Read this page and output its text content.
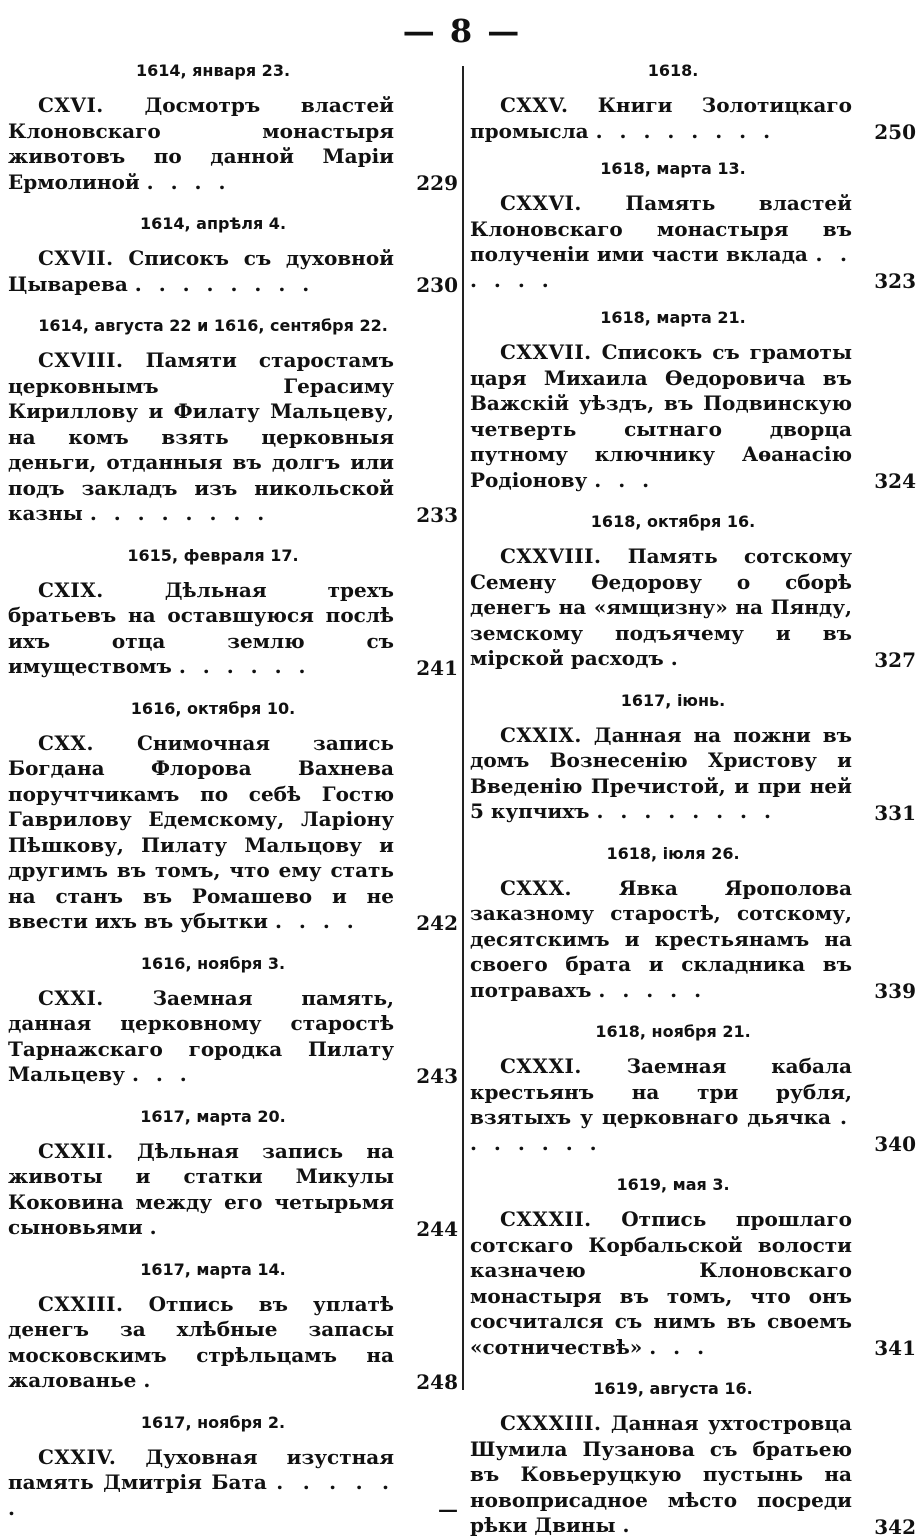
— 8 —

1614, января 23.

CXVI. Досмотръ властей Клоновскаго монастыря животовъ по данной Марiи Ермолиной . . . .	229

1614, апрѣля 4.

CXVII. Списокъ съ духовной Цыварева . . . . . . . .	230

1614, августа 22 и 1616, сентября 22.

CXVIII. Памяти старостамъ церковнымъ Герасиму Кириллову и Филату Мальцеву, на комъ взять церковныя деньги, отданныя въ долгъ или подъ закладъ изъ никольской казны . . . . . . . .	233

1615, февраля 17.

CXIX.	Дѣльная трехъ братьевъ на оставшуюся послѣ ихъ отца землю съ имуществомъ . . . . . .	241

1616, октября 10.

CXX. Снимочная запись Богдана Флорова Вахнева поручтчикамъ по себѣ Гостю Гаврилову Едемскому, Ларiону Пѣшкову, Пилату Мальцову и другимъ въ томъ, что ему стать на станъ въ Ромашево и не ввести ихъ въ убытки . . . .	242

1616, ноября 3.

CXXI. Заемная память, данная церковному старостѣ Тарнажскаго городка Пилату Мальцеву . . .	243

1617, марта 20.

CXXII. Дѣльная запись на животы и статки Микулы Коковина между его четырьмя сыновьями .	244

1617, марта 14.

CXXIII. Отпись въ уплатѣ денегъ за хлѣбные запасы московскимъ стрѣльцамъ на жалованье .	248

1617, ноября 2.

CXXIV. Духовная изустная память Дмитрiя Бата . . . . . .	—

1618.

CXXV. Книги Золотицкаго промысла . . . . . . . .	250

1618, марта 13.

CXXVI. Память властей Клоновскаго монастыря въ полученiи ими части вклада . . . . . .	323

1618, марта 21.

CXXVII. Списокъ съ грамоты царя Михаила Ѳедоровича въ Важскiй уѣздъ, въ Подвинскую четверть сытнаго дворца путному ключнику Аѳанасiю Родiонову . . .	324

1618, октября 16.

CXXVIII. Память сотскому Семену Ѳедорову о сборѣ денегъ на «ямщизну» на Пянду, земскому подъячему и въ мiрской расходъ .	327

1617, iюнь.

CXXIX. Данная на пожни въ домъ Вознесенiю Христову и Введенiю Пречистой, и при ней 5 купчихъ . . . . . . . .	331

1618, iюля 26.

CXXX. Явка Ярополова заказному старостѣ, сотскому, десятскимъ и крестьянамъ на своего брата и складника въ потравахъ . . . . .	339

1618, ноября 21.

CXXXI. Заемная кабала крестьянъ на три рубля, взятыхъ у церковнаго дьячка . . . . . . .	340

1619, мая 3.

CXXXII. Отпись прошлаго сотскаго Корбальской волости казначею Клоновскаго монастыря въ томъ, что онъ сосчитался съ нимъ въ своемъ «сотничествѣ» . . .	341

1619, августа 16.

CXXXIII. Данная ухтостровца Шумила Пузанова съ братьею въ Ковьеруцкую пустынь на новоприсадное мѣсто посреди рѣки Двины .	342
